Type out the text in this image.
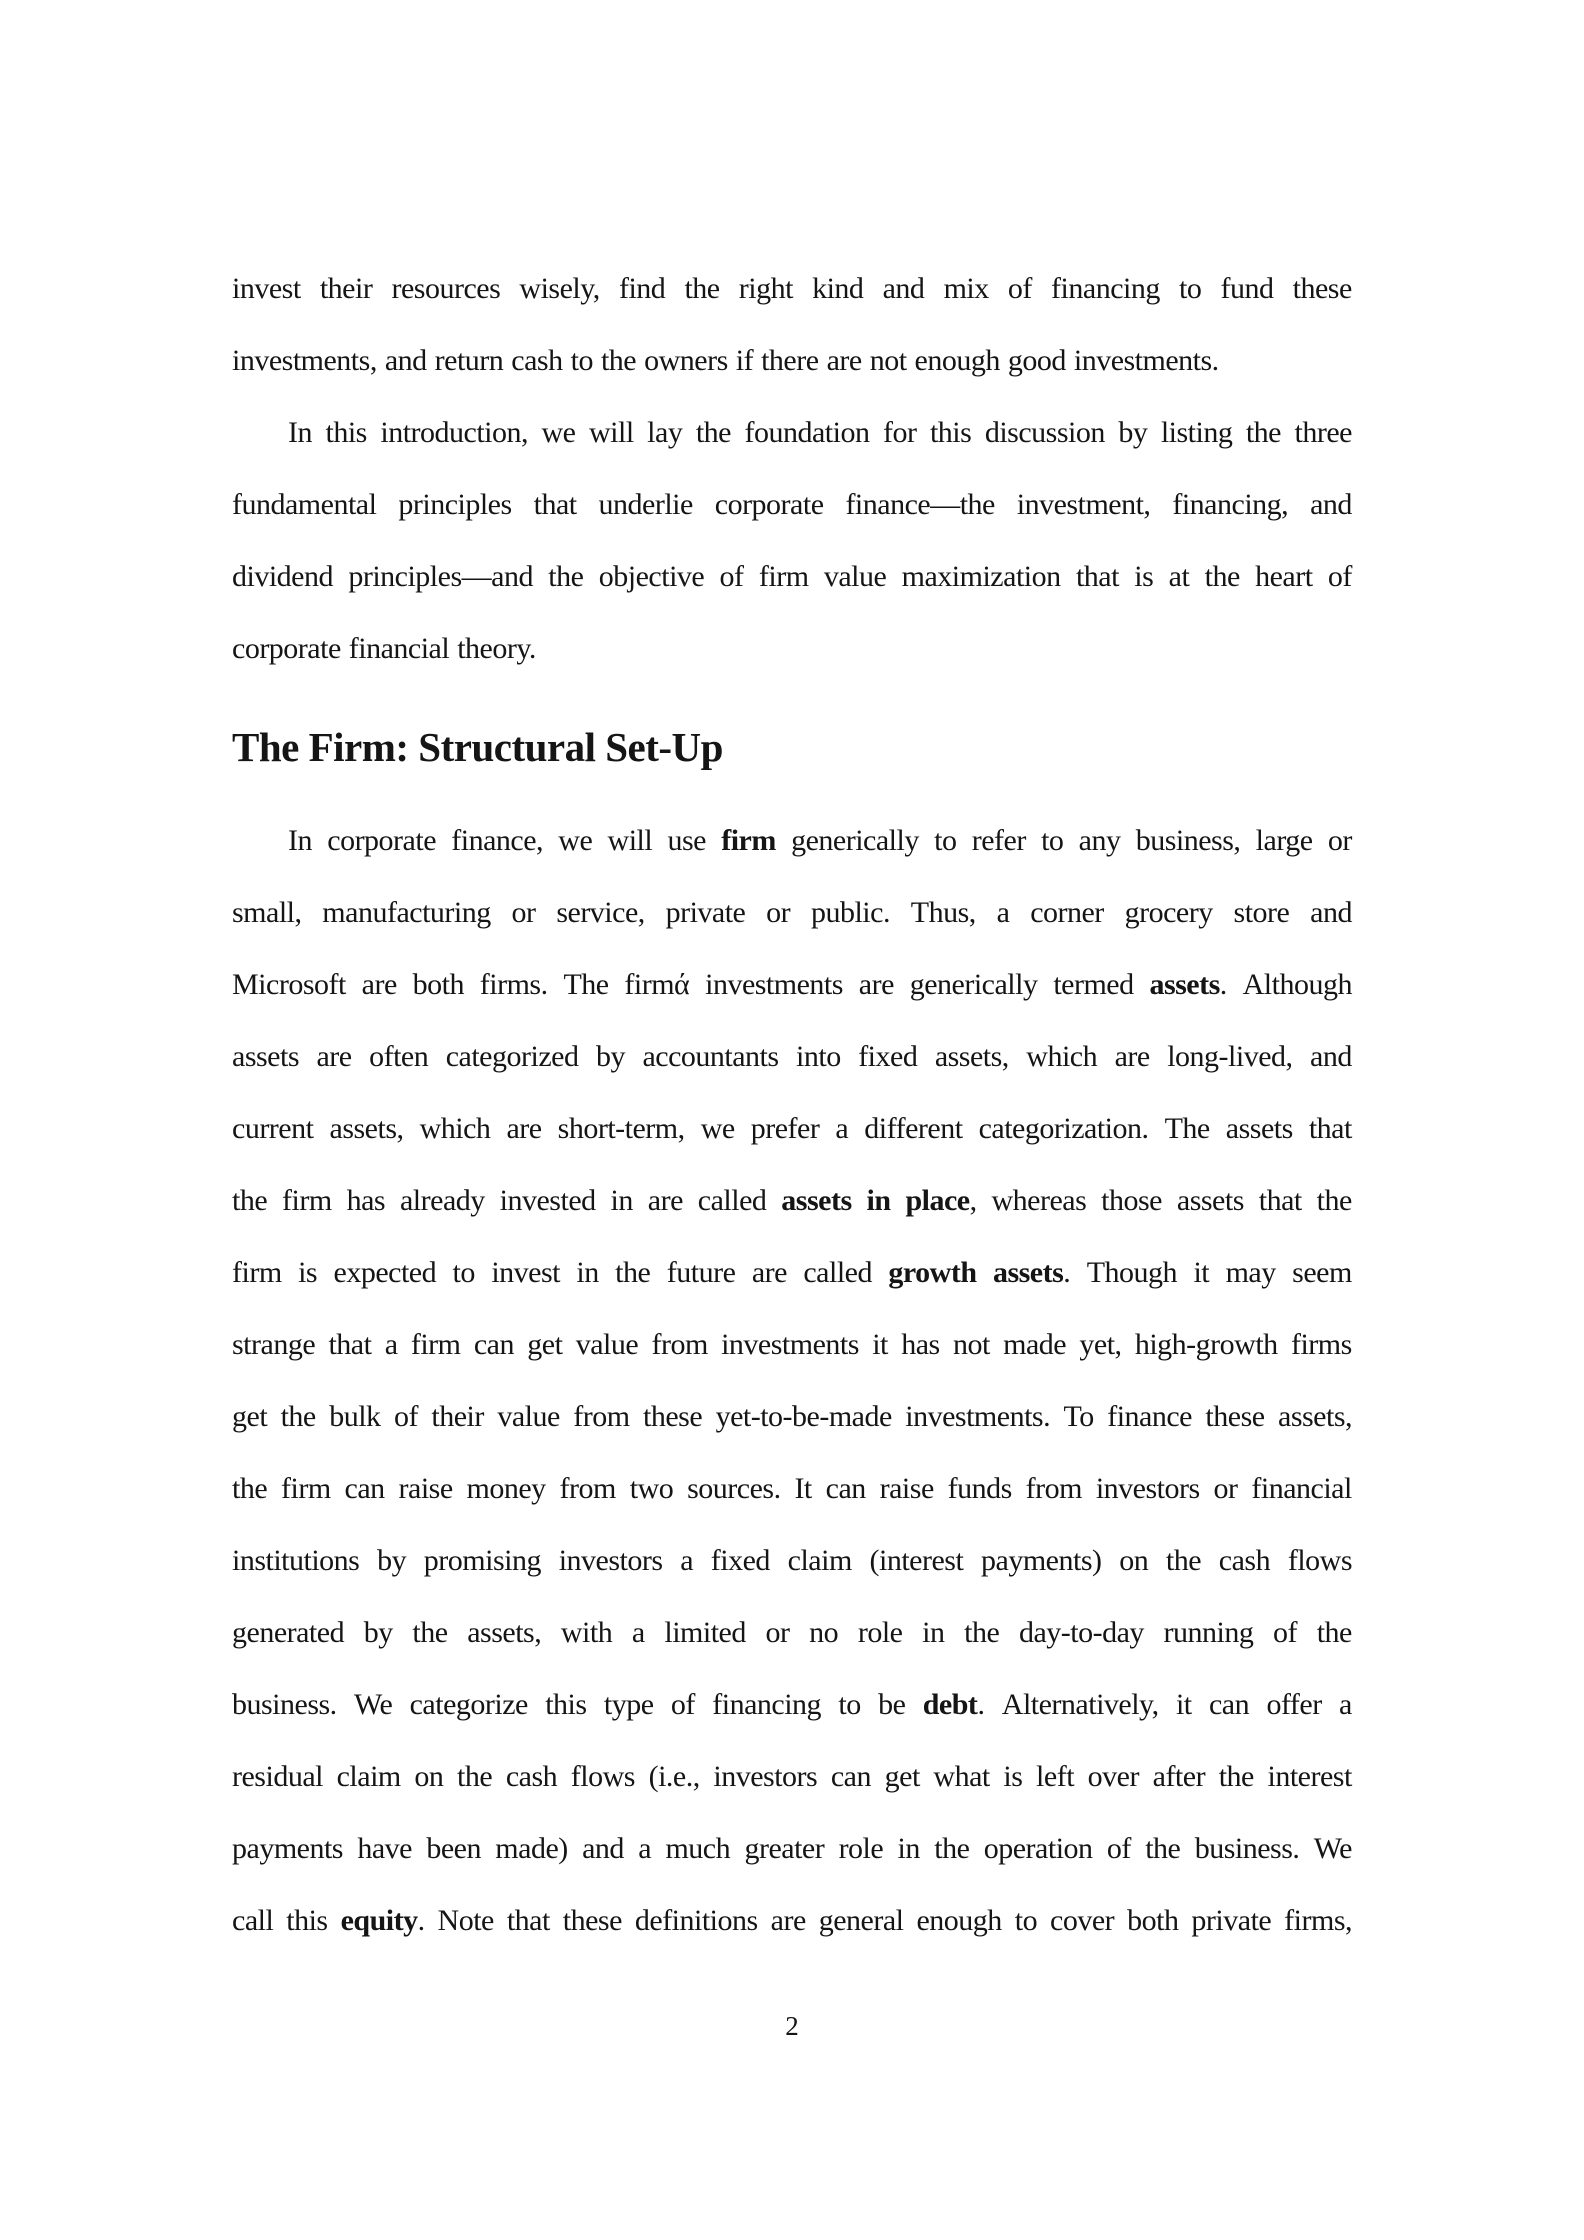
invest their resources wisely, find the right kind and mix of financing to fund these
investments, and return cash to the owners if there are not enough good investments.
In this introduction, we will lay the foundation for this discussion by listing the three
fundamental principles that underlie corporate finance—the investment, financing, and
dividend principles—and the objective of firm value maximization that is at the heart of
corporate financial theory.
The Firm: Structural Set-Up
In corporate finance, we will use firm generically to refer to any business, large or
small, manufacturing or service, private or public. Thus, a corner grocery store and
Microsoft are both firms. The firmά investments are generically termed assets. Although
assets are often categorized by accountants into fixed assets, which are long-lived, and
current assets, which are short-term, we prefer a different categorization. The assets that
the firm has already invested in are called assets in place, whereas those assets that the
firm is expected to invest in the future are called growth assets. Though it may seem
strange that a firm can get value from investments it has not made yet, high-growth firms
get the bulk of their value from these yet-to-be-made investments. To finance these assets,
the firm can raise money from two sources. It can raise funds from investors or financial
institutions by promising investors a fixed claim (interest payments) on the cash flows
generated by the assets, with a limited or no role in the day-to-day running of the
business. We categorize this type of financing to be debt. Alternatively, it can offer a
residual claim on the cash flows (i.e., investors can get what is left over after the interest
payments have been made) and a much greater role in the operation of the business. We
call this equity. Note that these definitions are general enough to cover both private firms,
2
